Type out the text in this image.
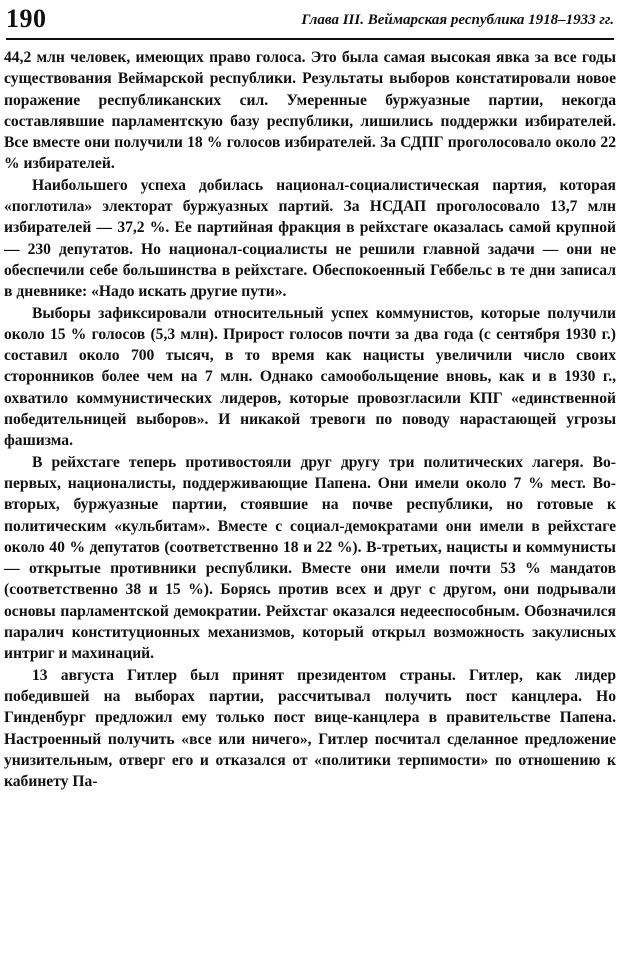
190	Глава III. Веймарская республика 1918–1933 гг.

44,2 млн человек, имеющих право голоса. Это была самая высокая явка за все годы существования Веймарской республики. Результаты выборов констатировали новое поражение республиканских сил. Умеренные буржуазные партии, некогда составлявшие парламентскую базу республики, лишились поддержки избирателей. Все вместе они получили 18 % голосов избирателей. За СДПГ проголосовало около 22 % избирателей.

Наибольшего успеха добилась национал-социалистическая партия, которая «поглотила» электорат буржуазных партий. За НСДАП проголосовало 13,7 млн избирателей — 37,2 %. Ее партийная фракция в рейхстаге оказалась самой крупной — 230 депутатов. Но национал-социалисты не решили главной задачи — они не обеспечили себе большинства в рейхстаге. Обеспокоенный Геббельс в те дни записал в дневнике: «Надо искать другие пути».

Выборы зафиксировали относительный успех коммунистов, которые получили около 15 % голосов (5,3 млн). Прирост голосов почти за два года (с сентября 1930 г.) составил около 700 тысяч, в то время как нацисты увеличили число своих сторонников более чем на 7 млн. Однако самообольщение вновь, как и в 1930 г., охватило коммунистических лидеров, которые провозгласили КПГ «единственной победительницей выборов». И никакой тревоги по поводу нарастающей угрозы фашизма.

В рейхстаге теперь противостояли друг другу три политических лагеря. Во-первых, националисты, поддерживающие Папена. Они имели около 7 % мест. Во-вторых, буржуазные партии, стоявшие на почве республики, но готовые к политическим «кульбитам». Вместе с социал-демократами они имели в рейхстаге около 40 % депутатов (соответственно 18 и 22 %). В-третьих, нацисты и коммунисты — открытые противники республики. Вместе они имели почти 53 % мандатов (соответственно 38 и 15 %). Борясь против всех и друг с другом, они подрывали основы парламентской демократии. Рейхстаг оказался недееспособным. Обозначился паралич конституционных механизмов, который открыл возможность закулисных интриг и махинаций.

13 августа Гитлер был принят президентом страны. Гитлер, как лидер победившей на выборах партии, рассчитывал получить пост канцлера. Но Гинденбург предложил ему только пост вице-канцлера в правительстве Папена. Настроенный получить «все или ничего», Гитлер посчитал сделанное предложение унизительным, отверг его и отказался от «политики терпимости» по отношению к кабинету Па-
